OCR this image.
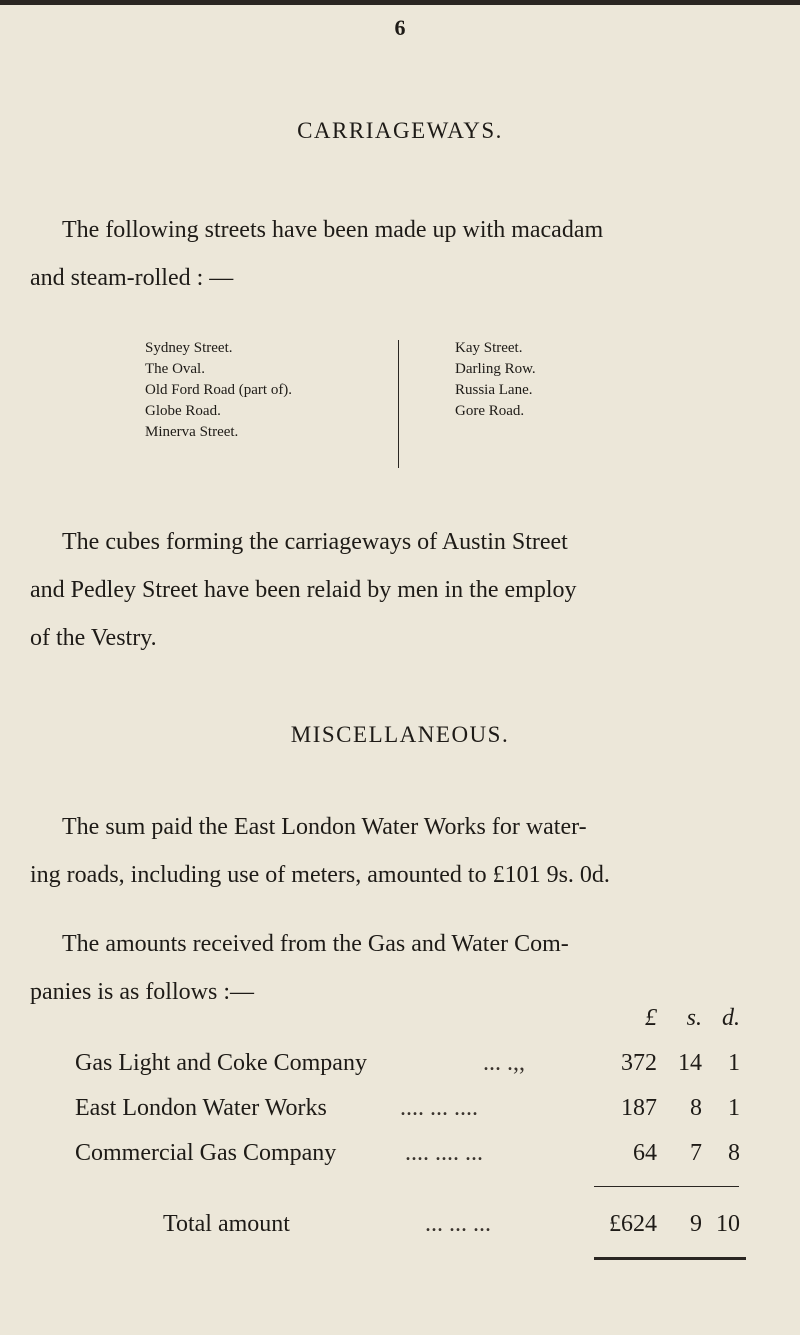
6
CARRIAGEWAYS.
The following streets have been made up with macadam
and steam-rolled : —
Sydney Street.
The Oval.
Old Ford Road (part of).
Globe Road.
Minerva Street.
Kay Street.
Darling Row.
Russia Lane.
Gore Road.
The cubes forming the carriageways of Austin Street
and Pedley Street have been relaid by men in the employ
of the Vestry.
MISCELLANEOUS.
The sum paid the East London Water Works for water-
ing roads, including use of meters, amounted to £101 9s. 0d.
The amounts received from the Gas and Water Com-
panies is as follows :—
£ s. d.
Gas Light and Coke Company	... .,,	372 14 1
East London Water Works	.... ... ....	187 8 1
Commercial Gas Company	.... .... ...	64 7 8
Total amount	... ... ...	£624 9 10
